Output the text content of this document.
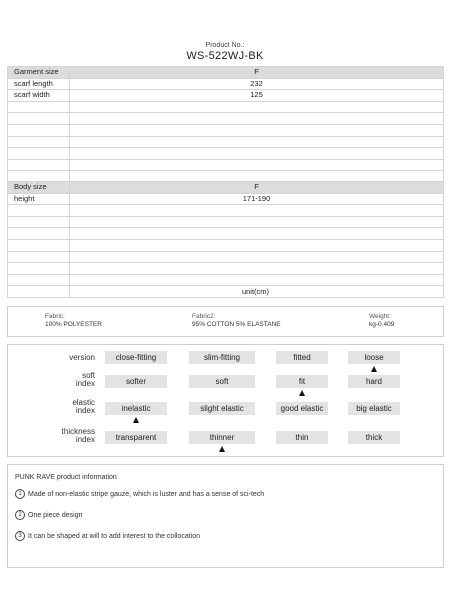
Product No.:
WS-522WJ-BK
Garment size	F
scarf length	232
scarf width	125

Body size	F
height	171-190

	unit(cm)
Fabric:
100% POLYESTER
Fabric2:
95% COTTON 5% ELASTANE
Weight:
kg-0.409
version	close-fitting	slim-fitting	fitted	loose
soft
index	softer	soft	fit	hard
elastic
index	inelastic	slight elastic	good elastic	big elastic
thickness
index	transparent	thinner	thin	thick
PUNK RAVE product information
1 Made of non-elastic stripe gauze, which is luster and has a sense of sci-tech
2 One piece design
3 It can be shaped at will to add interest to the collocation
